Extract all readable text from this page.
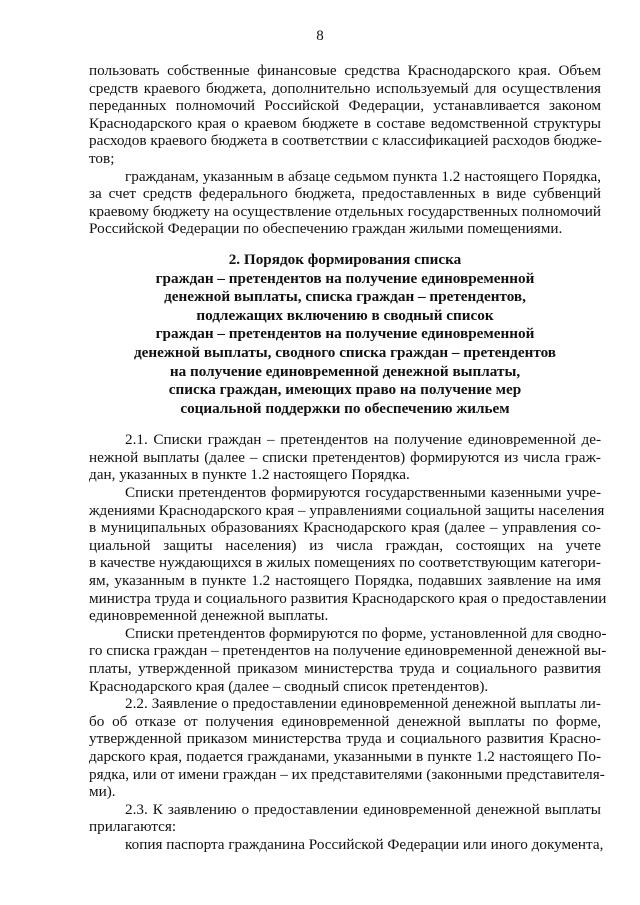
8
пользовать собственные финансовые средства Краснодарского края. Объем
средств краевого бюджета, дополнительно используемый для осуществления
переданных полномочий Российской Федерации, устанавливается законом
Краснодарского края о краевом бюджете в составе ведомственной структуры
расходов краевого бюджета в соответствии с классификацией расходов бюдже-
тов;
гражданам, указанным в абзаце седьмом пункта 1.2 настоящего Порядка,
за счет средств федерального бюджета, предоставленных в виде субвенций
краевому бюджету на осуществление отдельных государственных полномочий
Российской Федерации по обеспечению граждан жилыми помещениями.
2. Порядок формирования списка
граждан – претендентов на получение единовременной
денежной выплаты, списка граждан – претендентов,
подлежащих включению в сводный список
граждан – претендентов на получение единовременной
денежной выплаты, сводного списка граждан – претендентов
на получение единовременной денежной выплаты,
списка граждан, имеющих право на получение мер
социальной поддержки по обеспечению жильем
2.1. Списки граждан – претендентов на получение единовременной де-
нежной выплаты (далее – списки претендентов) формируются из числа граж-
дан, указанных в пункте 1.2 настоящего Порядка.
Списки претендентов формируются государственными казенными учре-
ждениями Краснодарского края – управлениями социальной защиты населения
в муниципальных образованиях Краснодарского края (далее – управления со-
циальной защиты населения) из числа граждан, состоящих на учете
в качестве нуждающихся в жилых помещениях по соответствующим категори-
ям, указанным в пункте 1.2 настоящего Порядка, подавших заявление на имя
министра труда и социального развития Краснодарского края о предоставлении
единовременной денежной выплаты.
Списки претендентов формируются по форме, установленной для сводно-
го списка граждан – претендентов на получение единовременной денежной вы-
платы, утвержденной приказом министерства труда и социального развития
Краснодарского края (далее – сводный список претендентов).
2.2. Заявление о предоставлении единовременной денежной выплаты ли-
бо об отказе от получения единовременной денежной выплаты по форме,
утвержденной приказом министерства труда и социального развития Красно-
дарского края, подается гражданами, указанными в пункте 1.2 настоящего По-
рядка, или от имени граждан – их представителями (законными представителя-
ми).
2.3. К заявлению о предоставлении единовременной денежной выплаты
прилагаются:
копия паспорта гражданина Российской Федерации или иного документа,
